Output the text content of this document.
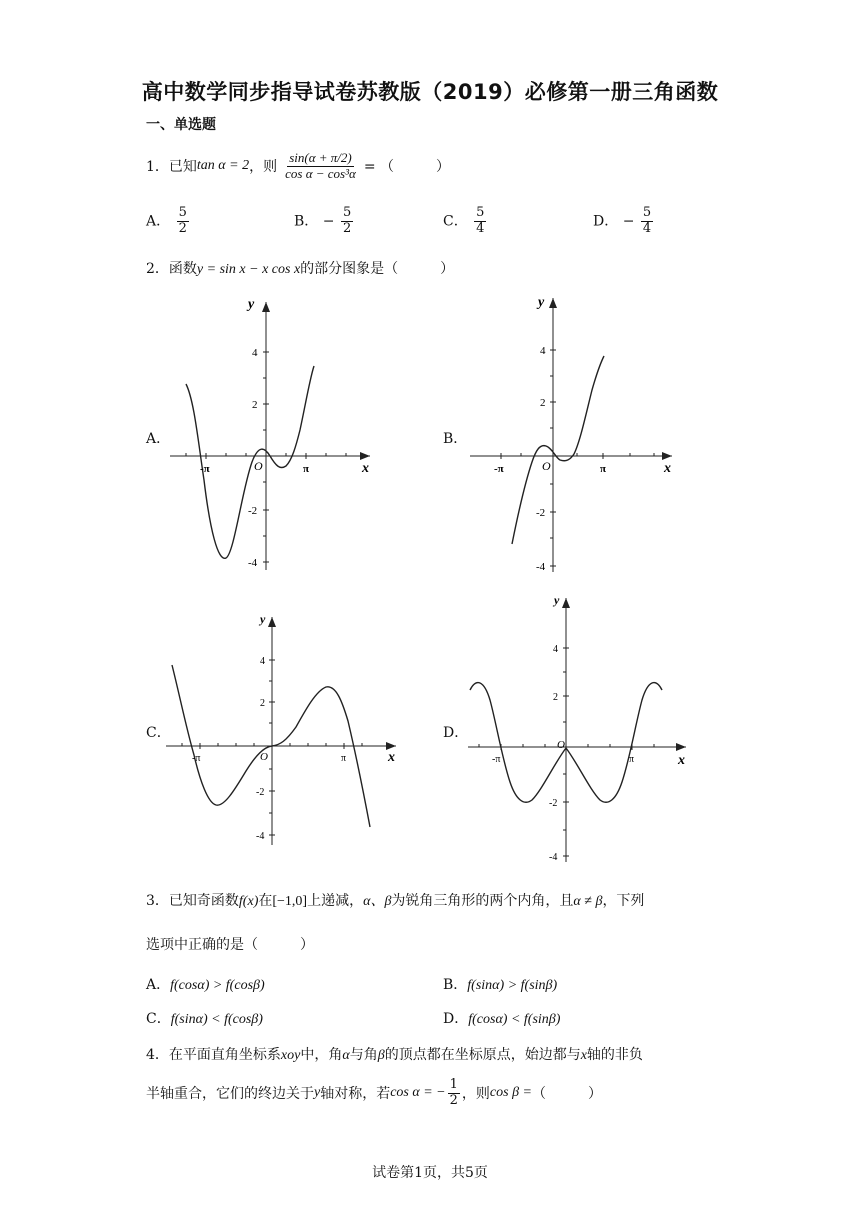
高中数学同步指导试卷苏教版（2019）必修第一册三角函数
一、单选题
1． 已知 tan α = 2 ，则 $\frac{\sin(\alpha + \pi/2)}{\text{cos α − cos³α}}$ = （　　　）
A． $\frac{5}{2}$	B． − $\frac{5}{2}$	C． $\frac{5}{4}$	D． − $\frac{5}{4}$
2．函数y = sin x − x cos x的部分图象是（　　　）
A．	B．
C．	D．
y
x
O
-π	π
4
2
-2
-4
y
x
O
-π	π
4
2
-2
-4
y
x
O
-π	π
4
2
-2
-4
y
x
O
-π	π
4
2
-2
-4
3．已知奇函数f(x)在[−1,0]上递减，α、β为锐角三角形的两个内角，且α ≠ β，下列
选项中正确的是（　　　）
A．f(cosα) > f(cosβ)	B．f(sinα) > f(sinβ)
C．f(sinα) < f(cosβ)	D．f(cosα) < f(sinβ)
4．在平面直角坐标系xoy中，角α与角β的顶点都在坐标原点，始边都与x轴的非负
半轴重合，它们的终边关于 y 轴对称，若 cos α = − $\frac{1}{2}$ ，则 cos β = （　　　）
试卷第1页，共5页
